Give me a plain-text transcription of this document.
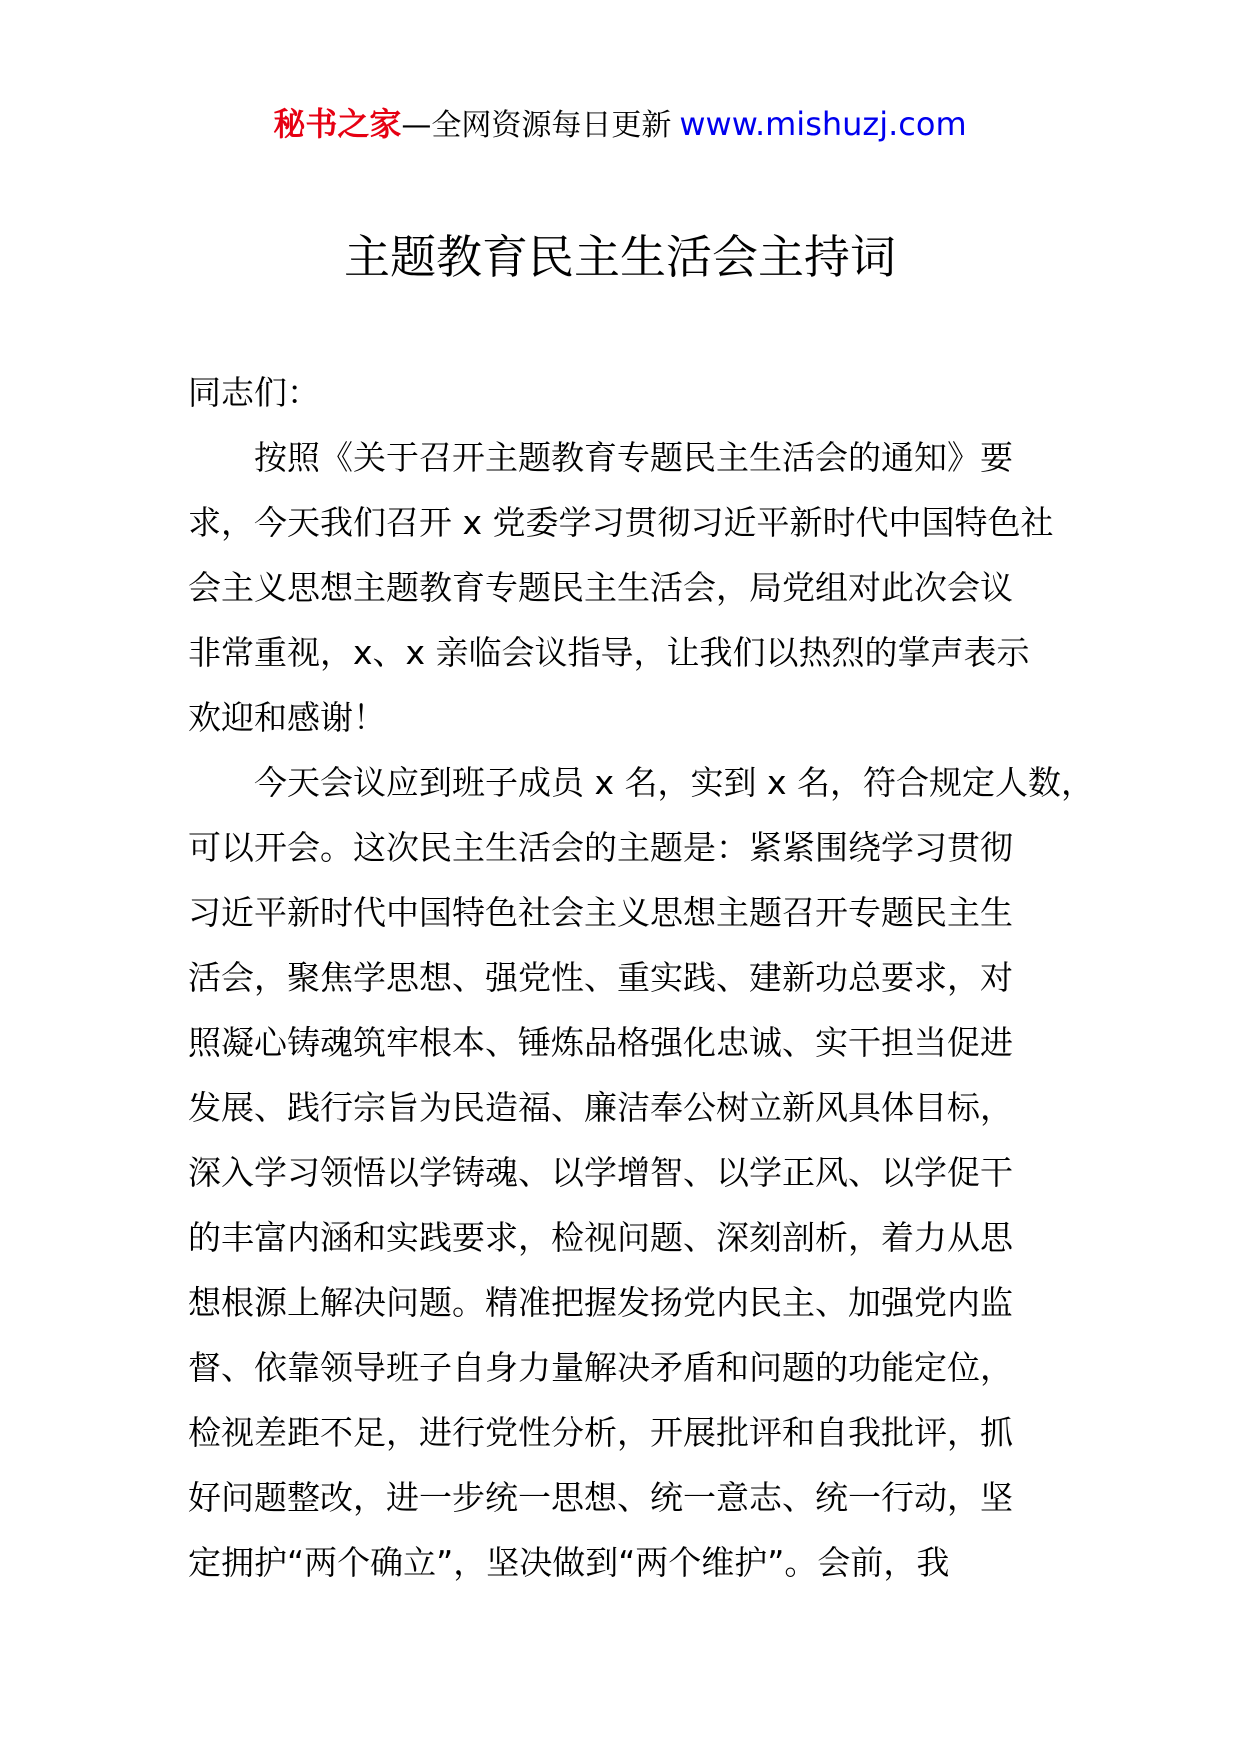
秘书之家—全网资源每日更新 www.mishuzj.com
主题教育民主生活会主持词
同志们：
按照《关于召开主题教育专题民主生活会的通知》要
求，今天我们召开 x 党委学习贯彻习近平新时代中国特色社
会主义思想主题教育专题民主生活会，局党组对此次会议
非常重视，x、x 亲临会议指导，让我们以热烈的掌声表示
欢迎和感谢！
今天会议应到班子成员 x 名，实到 x 名，符合规定人数，
可以开会。这次民主生活会的主题是：紧紧围绕学习贯彻
习近平新时代中国特色社会主义思想主题召开专题民主生
活会，聚焦学思想、强党性、重实践、建新功总要求，对
照凝心铸魂筑牢根本、锤炼品格强化忠诚、实干担当促进
发展、践行宗旨为民造福、廉洁奉公树立新风具体目标，
深入学习领悟以学铸魂、以学增智、以学正风、以学促干
的丰富内涵和实践要求，检视问题、深刻剖析，着力从思
想根源上解决问题。精准把握发扬党内民主、加强党内监
督、依靠领导班子自身力量解决矛盾和问题的功能定位，
检视差距不足，进行党性分析，开展批评和自我批评，抓
好问题整改，进一步统一思想、统一意志、统一行动，坚
定拥护“两个确立”，坚决做到“两个维护”。会前，我
